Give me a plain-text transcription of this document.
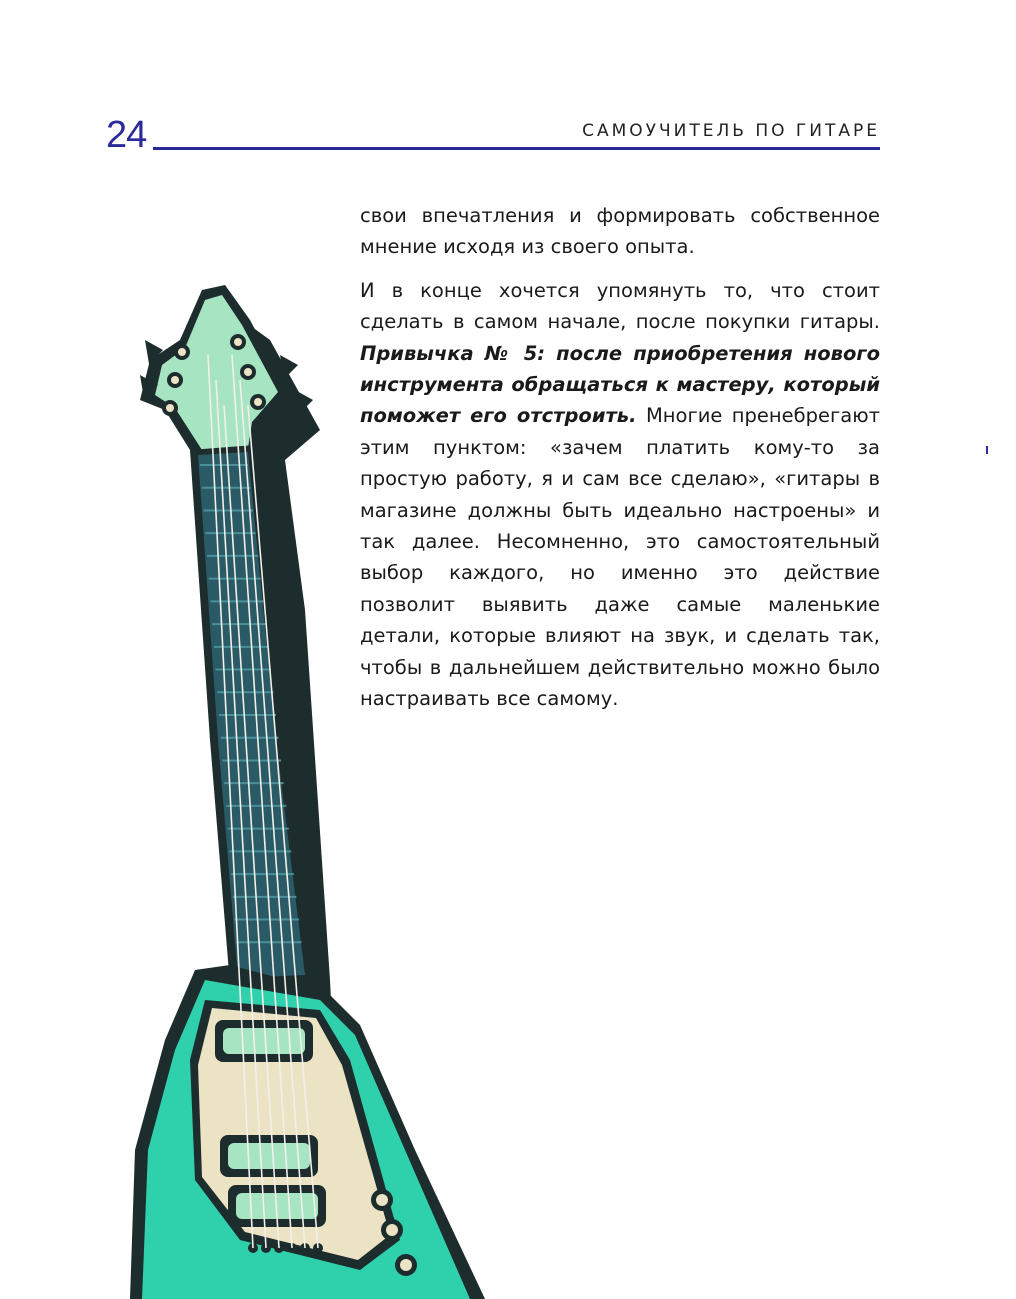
24	САМОУЧИТЕЛЬ ПО ГИТАРЕ

свои впечатления и формировать собственное мнение исходя из своего опыта.

И в конце хочется упомянуть то, что стоит сделать в самом начале, после покупки гитары. Привычка № 5: после приобретения нового инструмента обращаться к мастеру, который поможет его отстроить. Многие пренебрегают этим пунктом: «зачем платить кому-то за простую работу, я и сам все сделаю», «гитары в магазине должны быть идеально настроены» и так далее. Несомненно, это самостоятельный выбор каждого, но именно это действие позволит выявить даже самые маленькие детали, которые влияют на звук, и сделать так, чтобы в дальнейшем действительно можно было настраивать все самому.
